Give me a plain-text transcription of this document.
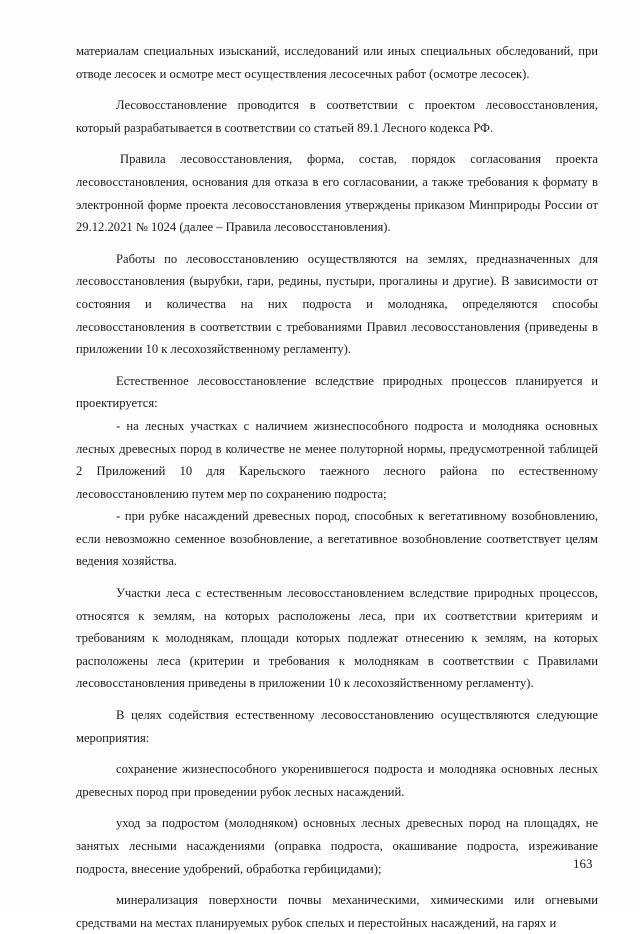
материалам специальных изысканий, исследований или иных специальных обследований, при отводе лесосек и осмотре мест осуществления лесосечных работ (осмотре лесосек).

Лесовосстановление проводится в соответствии с проектом лесовосстановления, который разрабатывается в соответствии со статьей 89.1 Лесного кодекса РФ.

Правила лесовосстановления, форма, состав, порядок согласования проекта лесовосстановления, основания для отказа в его согласовании, а также требования к формату в электронной форме проекта лесовосстановления утверждены приказом Минприроды России от 29.12.2021 № 1024 (далее – Правила лесовосстановления).

Работы по лесовосстановлению осуществляются на землях, предназначенных для лесовосстановления (вырубки, гари, редины, пустыри, прогалины и другие). В зависимости от состояния и количества на них подроста и молодняка, определяются способы лесовосстановления в соответствии с требованиями Правил лесовосстановления (приведены в приложении 10 к лесохозяйственному регламенту).

Естественное лесовосстановление вследствие природных процессов планируется и проектируется:

- на лесных участках с наличием жизнеспособного подроста и молодняка основных лесных древесных пород в количестве не менее полуторной нормы, предусмотренной таблицей 2 Приложений 10 для Карельского таежного лесного района по естественному лесовосстановлению путем мер по сохранению подроста;

- при рубке насаждений древесных пород, способных к вегетативному возобновлению, если невозможно семенное возобновление, а вегетативное возобновление соответствует целям ведения хозяйства.

Участки леса с естественным лесовосстановлением вследствие природных процессов, относятся к землям, на которых расположены леса, при их соответствии критериям и требованиям к молоднякам, площади которых подлежат отнесению к землям, на которых расположены леса (критерии и требования к молоднякам в соответствии с Правилами лесовосстановления приведены в приложении 10 к лесохозяйственному регламенту).

В целях содействия естественному лесовосстановлению осуществляются следующие мероприятия:

сохранение жизнеспособного укоренившегося подроста и молодняка основных лесных древесных пород при проведении рубок лесных насаждений.

уход за подростом (молодняком) основных лесных древесных пород на площадях, не занятых лесными насаждениями (оправка подроста, окашивание подроста, изреживание подроста, внесение удобрений, обработка гербицидами);

минерализация поверхности почвы механическими, химическими или огневыми средствами на местах планируемых рубок спелых и перестойных насаждений, на гарях и

163
